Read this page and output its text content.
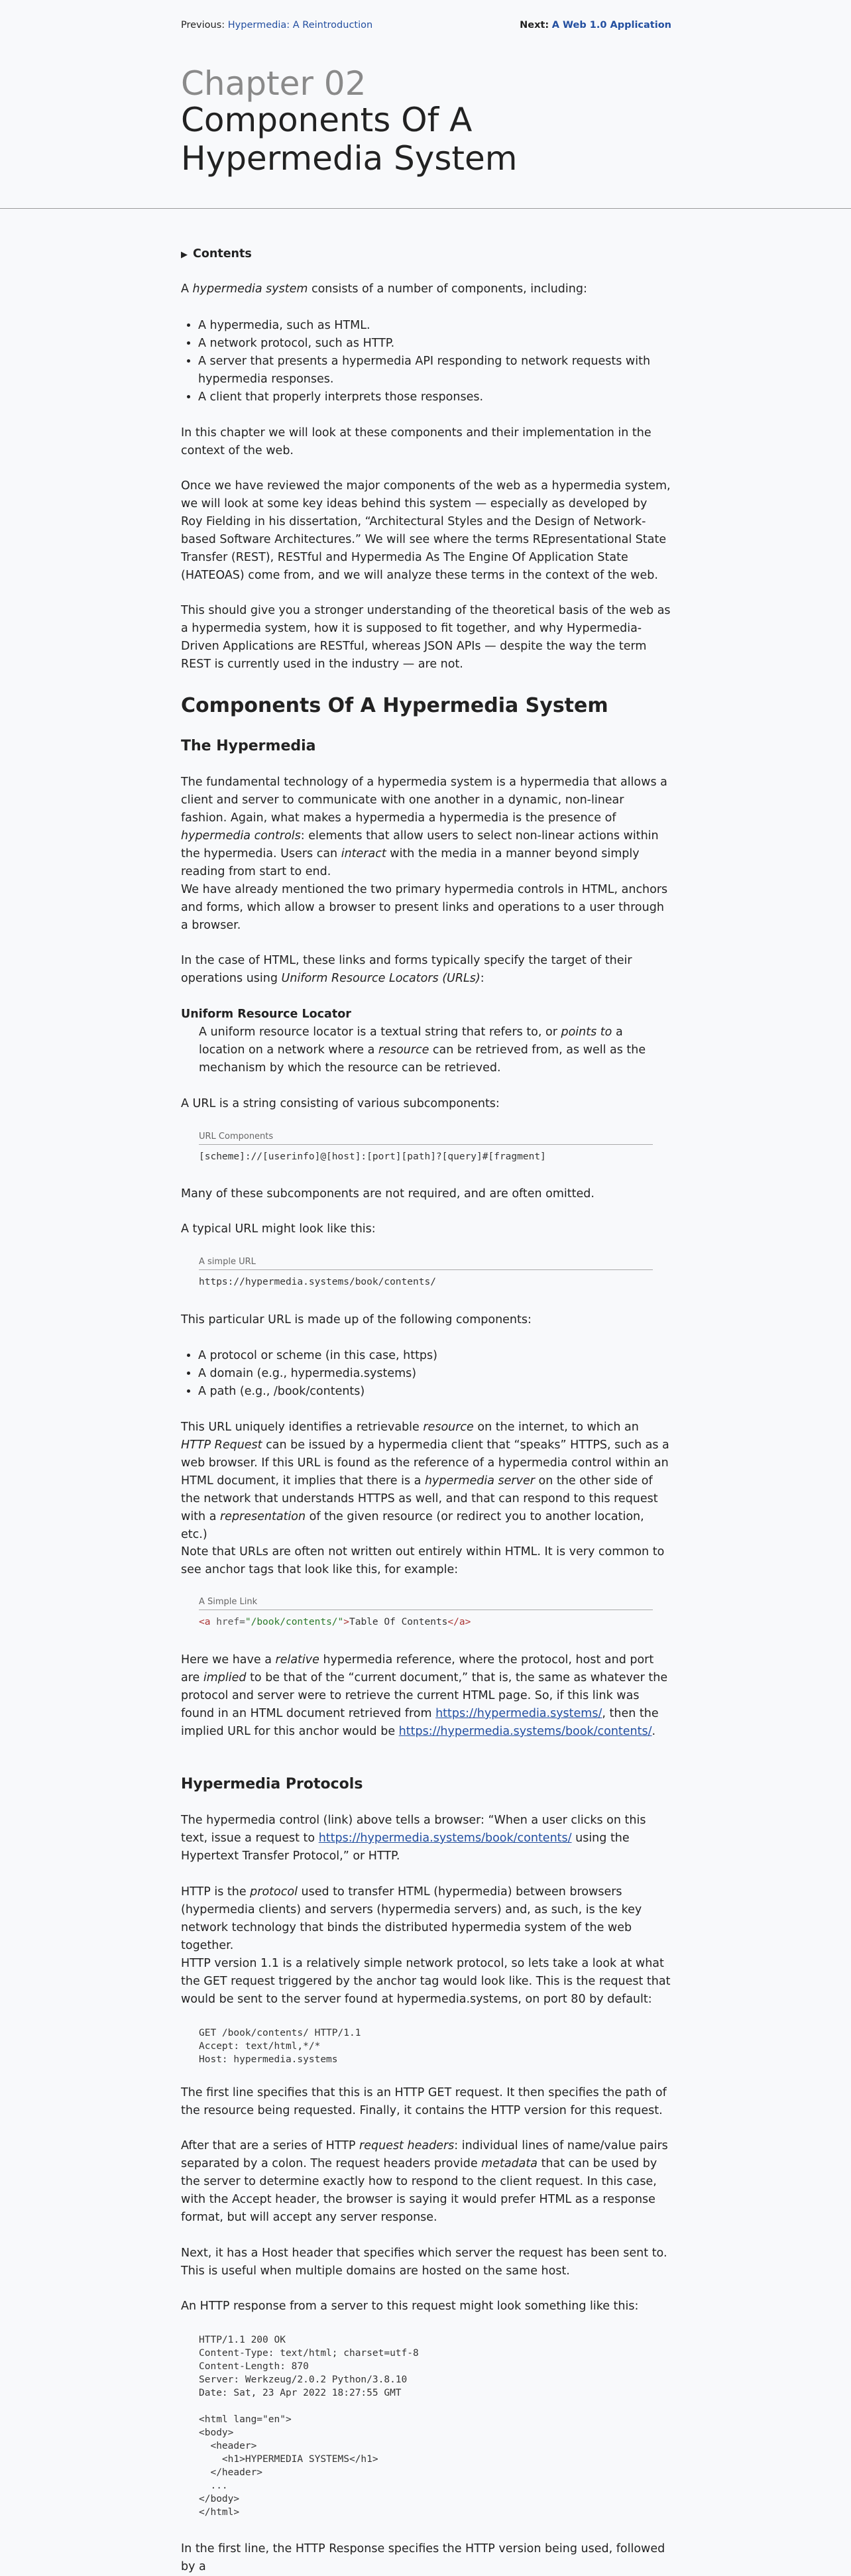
Previous: Hypermedia: A Reintroduction	Next: A Web 1.0 Application
Chapter 02
Components Of A Hypermedia System
▶ Contents

A hypermedia system consists of a number of components, including:

• A hypermedia, such as HTML.
• A network protocol, such as HTTP.
• A server that presents a hypermedia API responding to network requests with hypermedia responses.
• A client that properly interprets those responses.

In this chapter we will look at these components and their implementation in the context of the web.

Once we have reviewed the major components of the web as a hypermedia system, we will look at some key ideas behind this system — especially as developed by Roy Fielding in his dissertation, “Architectural Styles and the Design of Network-based Software Architectures.” We will see where the terms REpresentational State Transfer (REST), RESTful and Hypermedia As The Engine Of Application State (HATEOAS) come from, and we will analyze these terms in the context of the web.

This should give you a stronger understanding of the theoretical basis of the web as a hypermedia system, how it is supposed to fit together, and why Hypermedia-Driven Applications are RESTful, whereas JSON APIs — despite the way the term REST is currently used in the industry — are not.

Components Of A Hypermedia System
The Hypermedia

The fundamental technology of a hypermedia system is a hypermedia that allows a client and server to communicate with one another in a dynamic, non-linear fashion. Again, what makes a hypermedia a hypermedia is the presence of hypermedia controls: elements that allow users to select non-linear actions within the hypermedia. Users can interact with the media in a manner beyond simply reading from start to end.

We have already mentioned the two primary hypermedia controls in HTML, anchors and forms, which allow a browser to present links and operations to a user through a browser.

In the case of HTML, these links and forms typically specify the target of their operations using Uniform Resource Locators (URLs):

Uniform Resource Locator

A uniform resource locator is a textual string that refers to, or points to a location on a network where a resource can be retrieved from, as well as the mechanism by which the resource can be retrieved.

A URL is a string consisting of various subcomponents:

URL Components
[scheme]://[userinfo]@[host]:[port][path]?[query]#[fragment]

Many of these subcomponents are not required, and are often omitted.

A typical URL might look like this:

A simple URL
https://hypermedia.systems/book/contents/

This particular URL is made up of the following components:

• A protocol or scheme (in this case, https)
• A domain (e.g., hypermedia.systems)
• A path (e.g., /book/contents)

This URL uniquely identifies a retrievable resource on the internet, to which an HTTP Request can be issued by a hypermedia client that “speaks” HTTPS, such as a web browser. If this URL is found as the reference of a hypermedia control within an HTML document, it implies that there is a hypermedia server on the other side of the network that understands HTTPS as well, and that can respond to this request with a representation of the given resource (or redirect you to another location, etc.)

Note that URLs are often not written out entirely within HTML. It is very common to see anchor tags that look like this, for example:

A Simple Link
<a href="/book/contents/">Table Of Contents</a>

Here we have a relative hypermedia reference, where the protocol, host and port are implied to be that of the “current document,” that is, the same as whatever the protocol and server were to retrieve the current HTML page. So, if this link was found in an HTML document retrieved from https://hypermedia.systems/, then the implied URL for this anchor would be https://hypermedia.systems/book/contents/.

Hypermedia Protocols

The hypermedia control (link) above tells a browser: “When a user clicks on this text, issue a request to https://hypermedia.systems/book/contents/ using the Hypertext Transfer Protocol,” or HTTP.

HTTP is the protocol used to transfer HTML (hypermedia) between browsers (hypermedia clients) and servers (hypermedia servers) and, as such, is the key network technology that binds the distributed hypermedia system of the web together.

HTTP version 1.1 is a relatively simple network protocol, so lets take a look at what the GET request triggered by the anchor tag would look like. This is the request that would be sent to the server found at hypermedia.systems, on port 80 by default:

GET /book/contents/ HTTP/1.1
Accept: text/html,*/*
Host: hypermedia.systems

The first line specifies that this is an HTTP GET request. It then specifies the path of the resource being requested. Finally, it contains the HTTP version for this request.

After that are a series of HTTP request headers: individual lines of name/value pairs separated by a colon. The request headers provide metadata that can be used by the server to determine exactly how to respond to the client request. In this case, with the Accept header, the browser is saying it would prefer HTML as a response format, but will accept any server response.

Next, it has a Host header that specifies which server the request has been sent to. This is useful when multiple domains are hosted on the same host.

An HTTP response from a server to this request might look something like this:

HTTP/1.1 200 OK
Content-Type: text/html; charset=utf-8
Content-Length: 870
Server: Werkzeug/2.0.2 Python/3.8.10
Date: Sat, 23 Apr 2022 18:27:55 GMT

<html lang="en">
<body>
<header>
<h1>HYPERMEDIA SYSTEMS</h1>
</header>
...
</body>
</html>

In the first line, the HTTP Response specifies the HTTP version being used, followed by a
